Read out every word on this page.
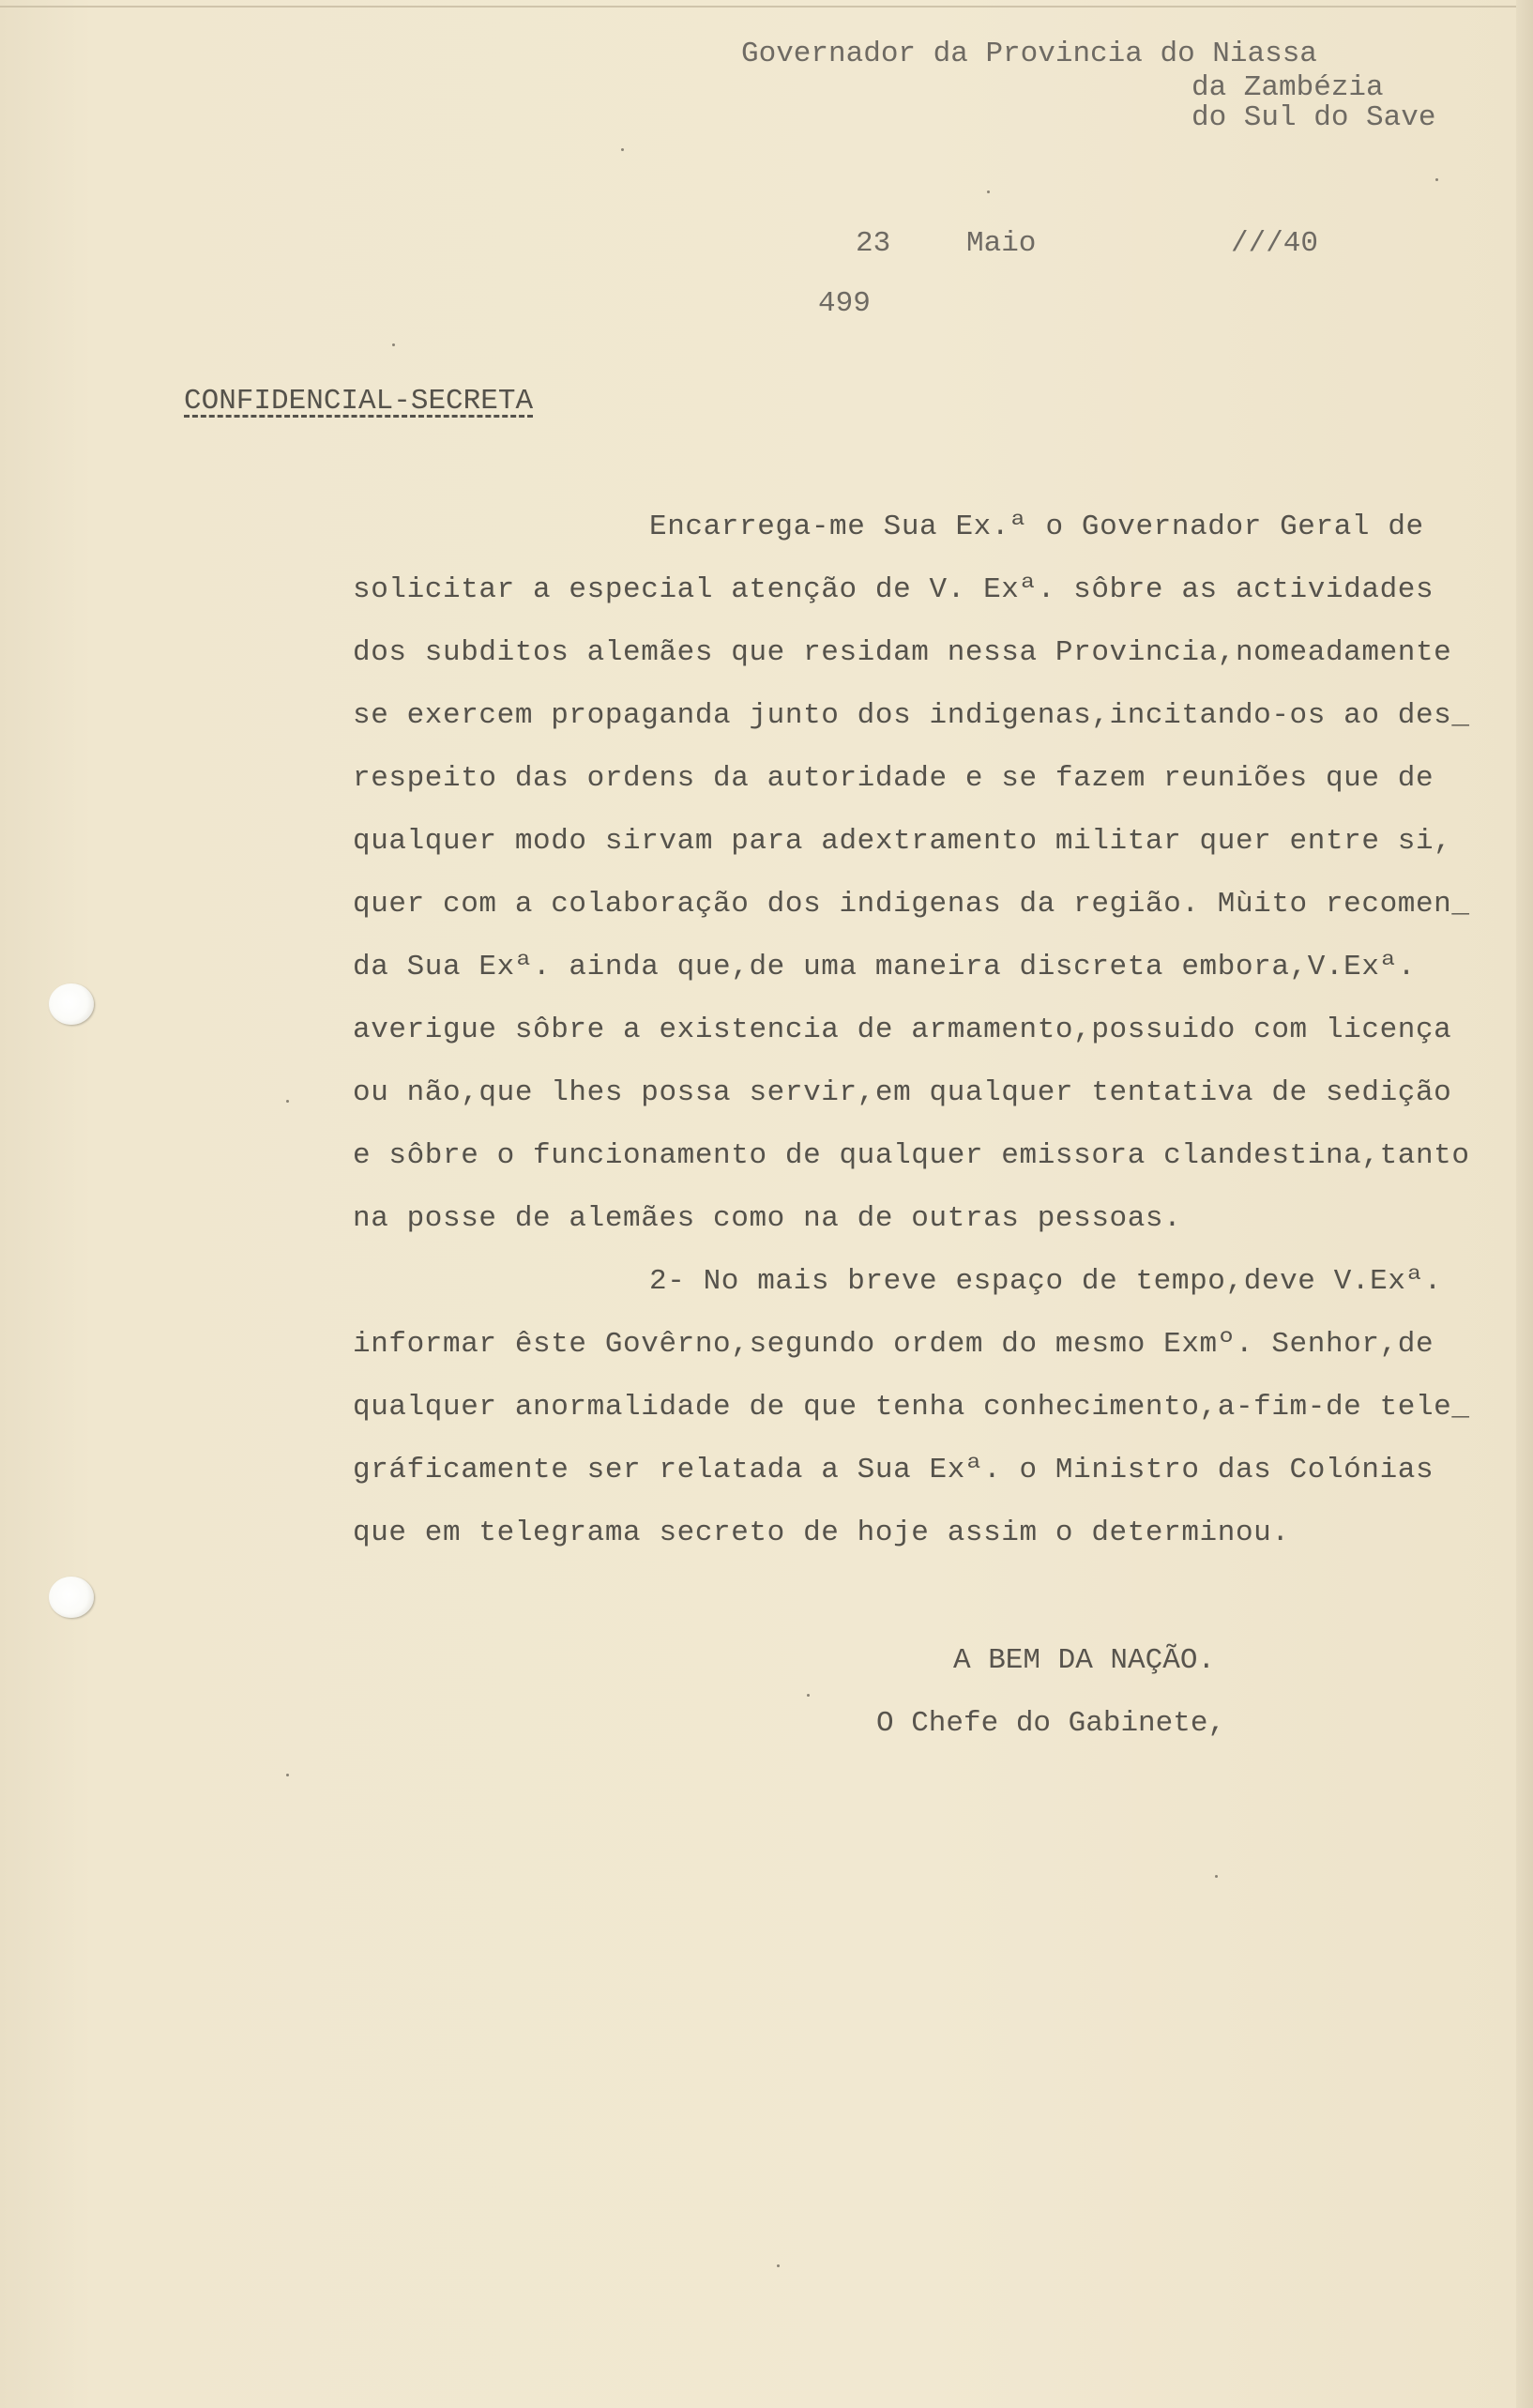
Governador da Provincia do Niassa
da Zambézia
do Sul do Save
23	Maio	///40
499
CONFIDENCIAL-SECRETA
Encarrega-me Sua Ex.ª o Governador Geral de
solicitar a especial atenção de V. Exª. sôbre as actividades
dos subditos alemães que residam nessa Provincia,nomeadamente
se exercem propaganda junto dos indigenas,incitando-os ao des_
respeito das ordens da autoridade e se fazem reuniões que de
qualquer modo sirvam para adextramento militar quer entre si,
quer com a colaboração dos indigenas da região. Mùito recomen_
da Sua Exª. ainda que,de uma maneira discreta embora,V.Exª.
averigue sôbre a existencia de armamento,possuido com licença
ou não,que lhes possa servir,em qualquer tentativa de sedição
e sôbre o funcionamento de qualquer emissora clandestina,tanto
na posse de alemães como na de outras pessoas.
2- No mais breve espaço de tempo,deve V.Exª.
informar êste Govêrno,segundo ordem do mesmo Exmº. Senhor,de
qualquer anormalidade de que tenha conhecimento,a-fim-de tele_
gráficamente ser relatada a Sua Exª. o Ministro das Colónias
que em telegrama secreto de hoje assim o determinou.
A BEM DA NAÇÃO.
O Chefe do Gabinete,
